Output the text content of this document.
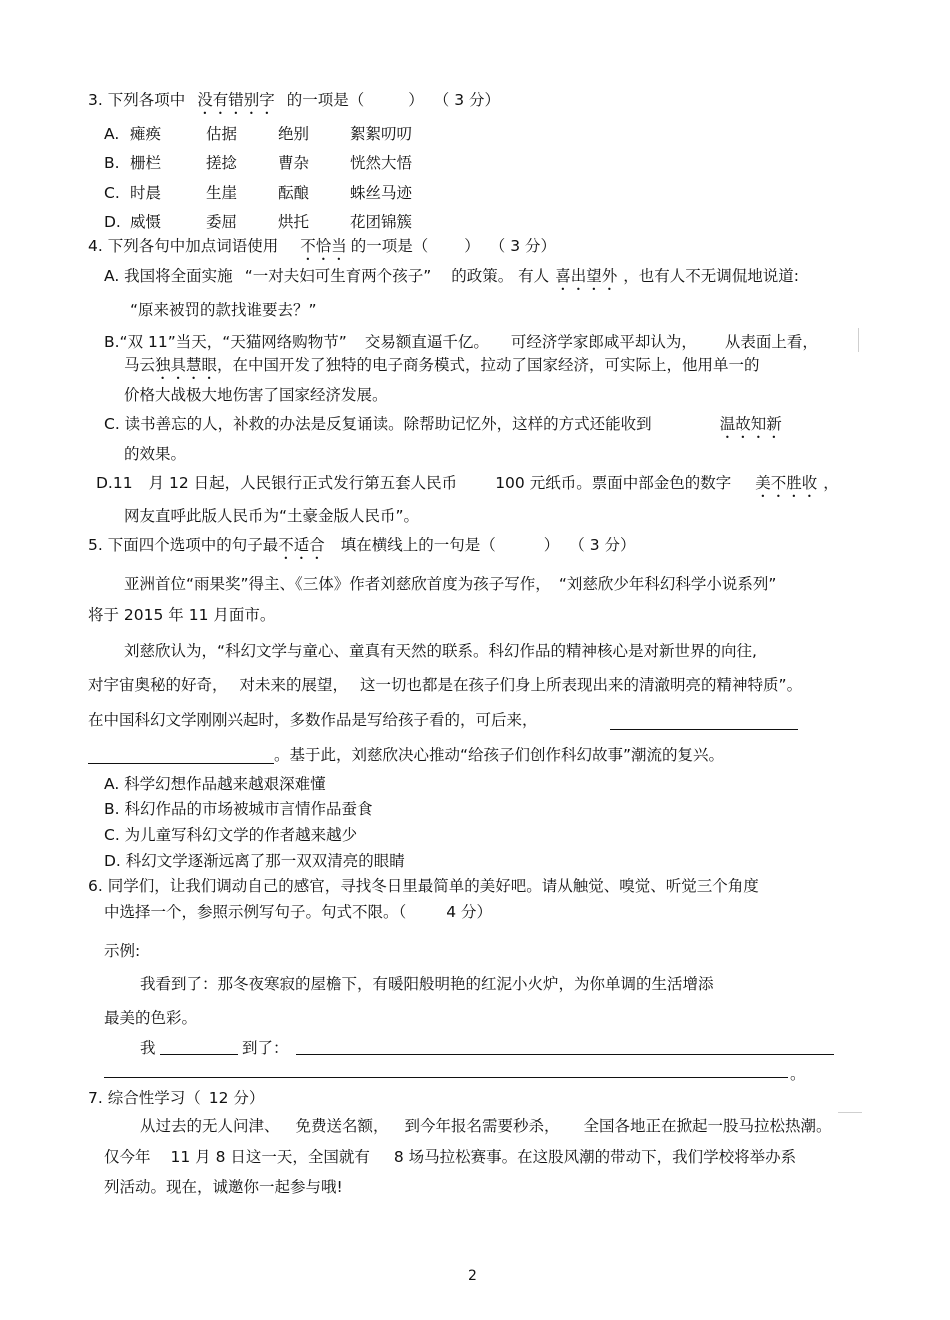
3. 下列各项中 没有错别字 的一项是（	） （ 3 分）
A. 瘫痪	估据	绝别	絮絮叨叨
B. 栅栏	搓捻	曹杂	恍然大悟
C. 时晨	生崖	酝酿	蛛丝马迹
D. 威慑	委屈	烘托	花团锦簇
4. 下列各句中加点词语使用 不恰当 的一项是（ ） （ 3 分）
A. 我国将全面实施 “一对夫妇可生育两个孩子” 的政策。 有人 喜出望外 ，也有人不无调侃地说道:
“原来被罚的款找谁要去？”
B.“双 11”当天，“天猫网络购物节” 交易额直逼千亿。 可经济学家郎咸平却认为， 从表面上看，
马云独具慧眼，在中国开发了独特的电子商务模式，拉动了国家经济，可实际上，他用单一的
价格大战极大地伤害了国家经济发展。
C. 读书善忘的人，补救的办法是反复诵读。除帮助记忆外，这样的方式还能收到	温故知新
的效果。
D.11 月 12 日起，人民银行正式发行第五套人民币 100 元纸币。票面中部金色的数字 美不胜收 ，
网友直呼此版人民币为“土豪金版人民币”。
5. 下面四个选项中的句子最不适合 填在横线上的一句是（	） （ 3 分）
亚洲首位“雨果奖”得主、《三体》作者刘慈欣首度为孩子写作， “刘慈欣少年科幻科学小说系列”
将于 2015 年 11 月面市。
刘慈欣认为，“科幻文学与童心、童真有天然的联系。科幻作品的精神核心是对新世界的向往,
对宇宙奥秘的好奇， 对未来的展望， 这一切也都是在孩子们身上所表现出来的清澈明亮的精神特质”。
在中国科幻文学刚刚兴起时，多数作品是写给孩子看的，可后来，
。基于此，刘慈欣决心推动“给孩子们创作科幻故事”潮流的复兴。
A. 科学幻想作品越来越艰深难懂
B. 科幻作品的市场被城市言情作品蚕食
C. 为儿童写科幻文学的作者越来越少
D. 科幻文学逐渐远离了那一双双清亮的眼睛
6. 同学们，让我们调动自己的感官，寻找冬日里最简单的美好吧。请从触觉、嗅觉、听觉三个角度
中选择一个，参照示例写句子。句式不限。（	4 分）
示例:
我看到了：那冬夜寒寂的屋檐下，有暖阳般明艳的红泥小火炉，为你单调的生活增添
最美的色彩。
我	到了：
。
7. 综合性学习（ 12 分）
从过去的无人问津、 免费送名额， 到今年报名需要秒杀， 全国各地正在掀起一股马拉松热潮。
仅今年 11 月 8 日这一天，全国就有 8 场马拉松赛事。在这股风潮的带动下，我们学校将举办系
列活动。现在，诚邀你一起参与哦!
2
